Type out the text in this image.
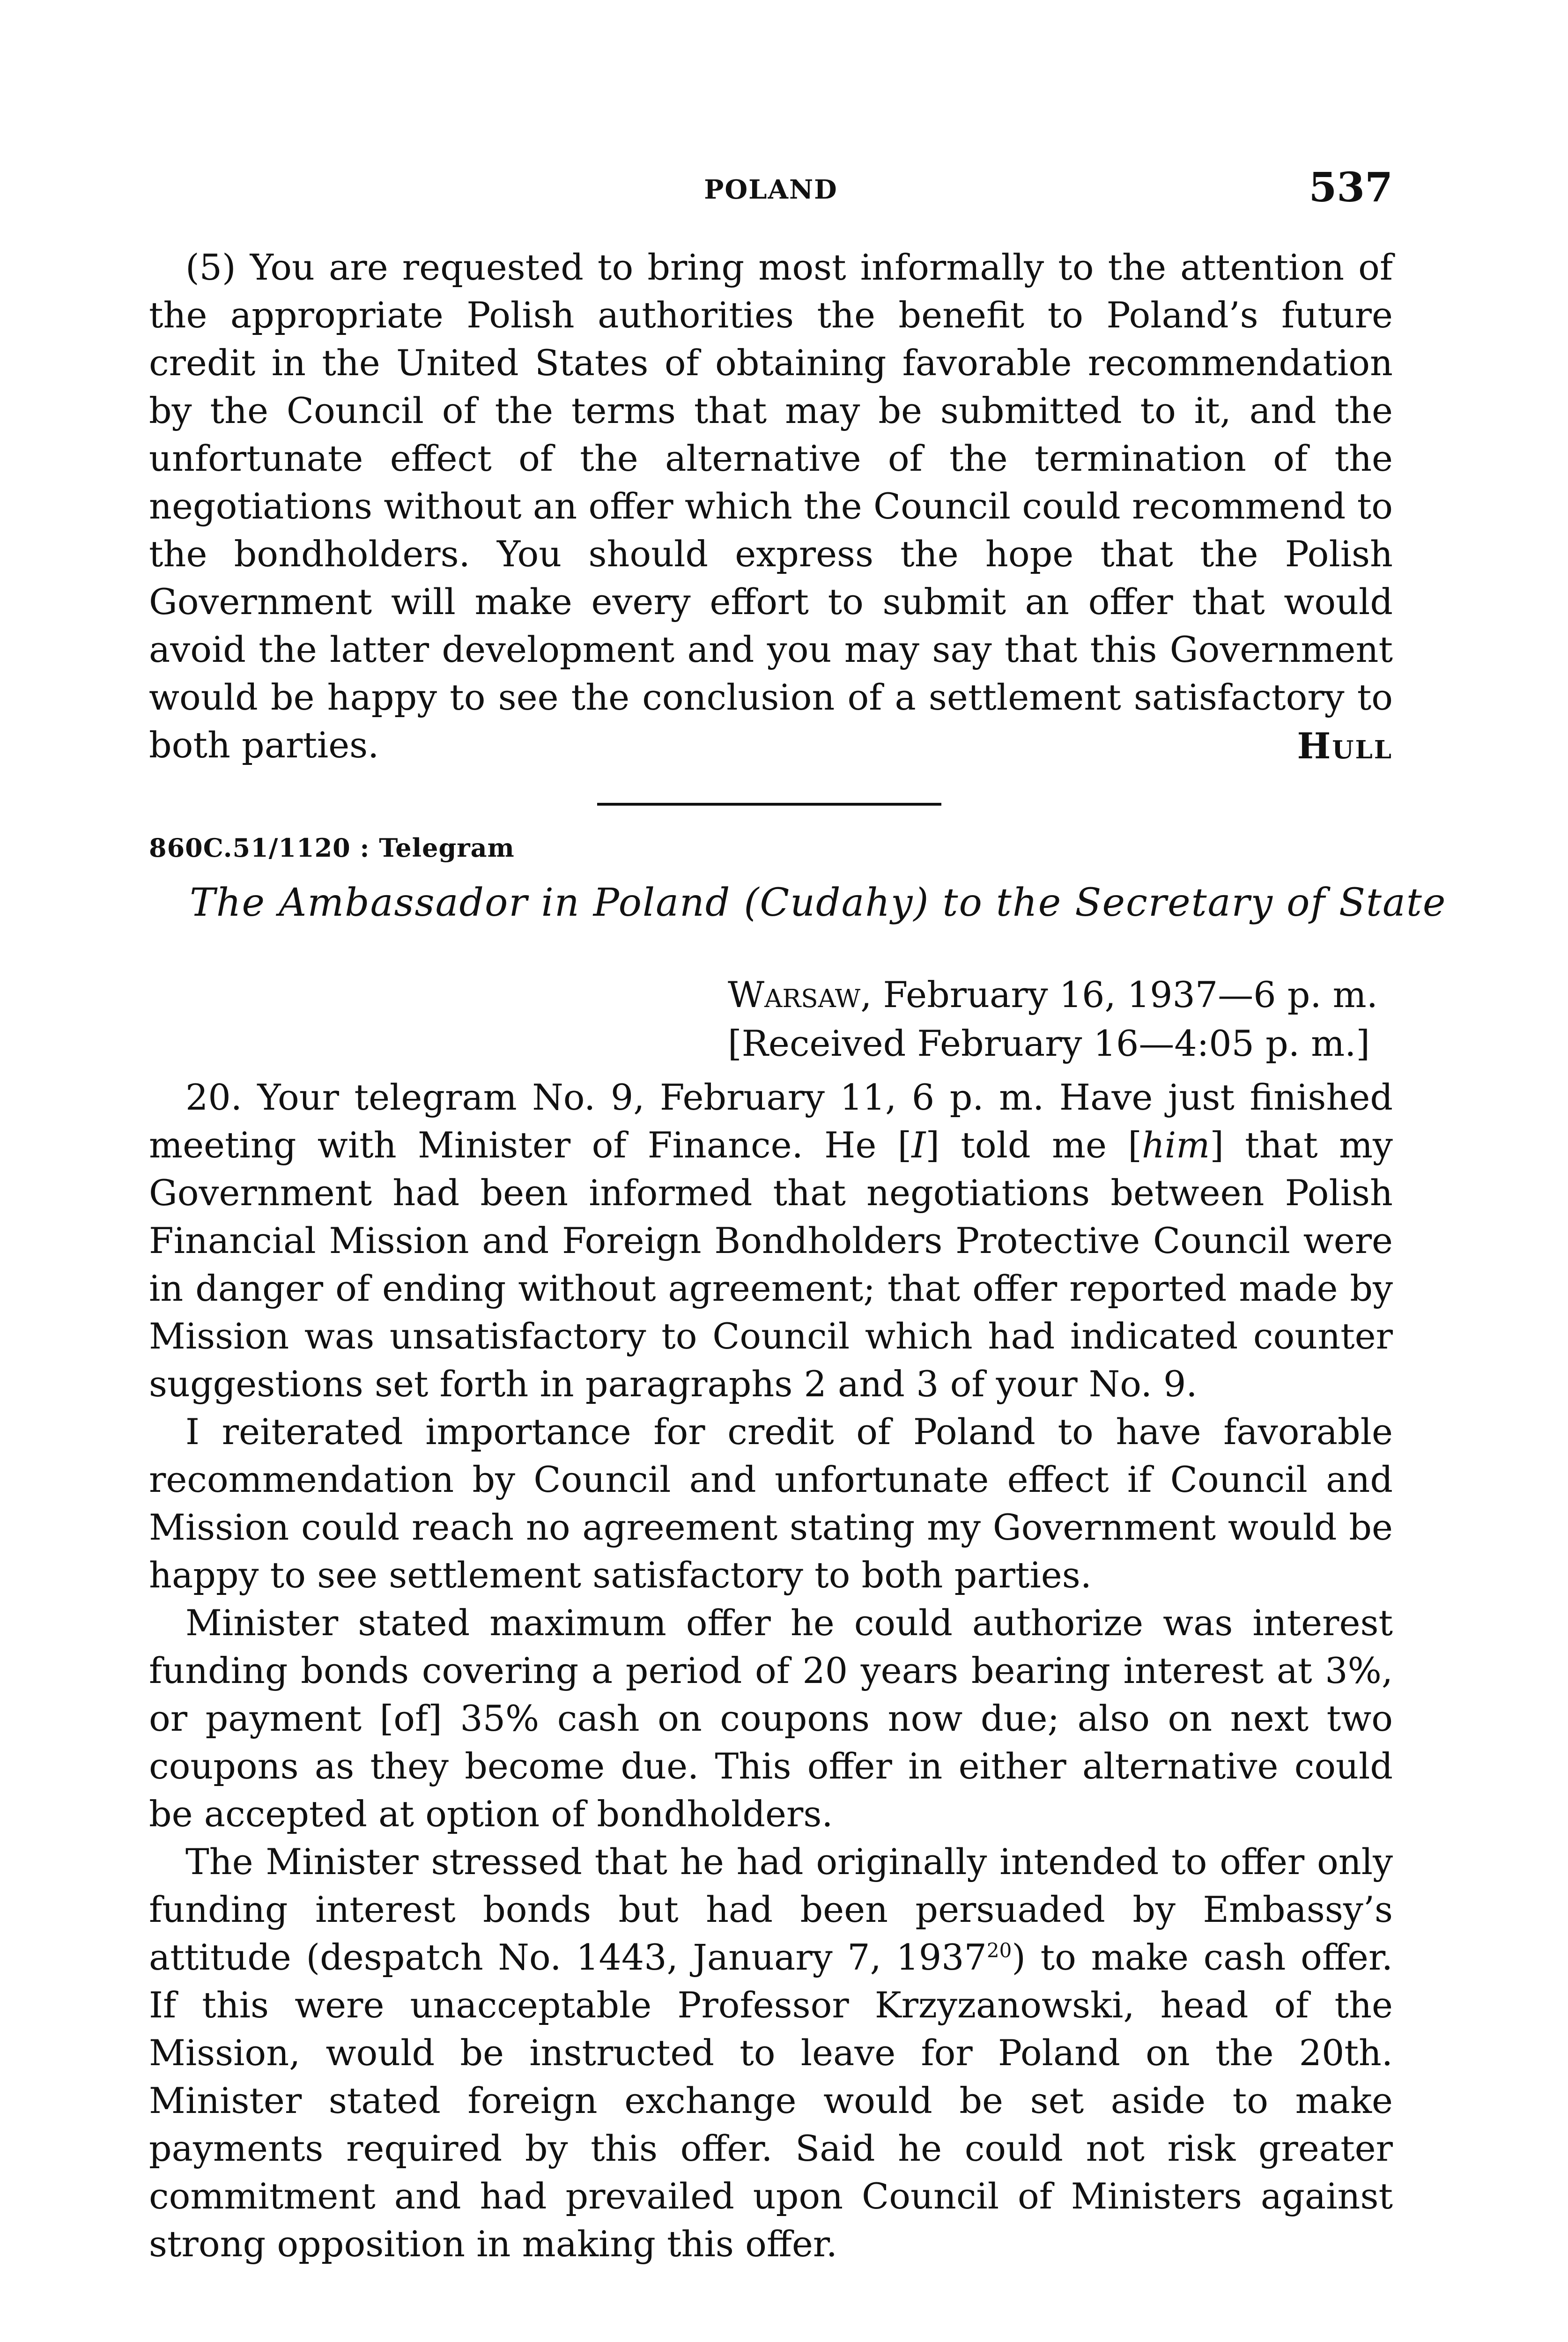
POLAND	537

(5) You are requested to bring most informally to the attention of the appropriate Polish authorities the benefit to Poland’s future credit in the United States of obtaining favorable recommendation by the Council of the terms that may be submitted to it, and the unfortunate effect of the alternative of the termination of the negotiations without an offer which the Council could recommend to the bondholders. You should express the hope that the Polish Government will make every effort to submit an offer that would avoid the latter development and you may say that this Government would be happy to see the conclusion of a settlement satisfactory to both parties.	Hull
860C.51/1120 : Telegram
The Ambassador in Poland (Cudahy) to the Secretary of State
Warsaw, February 16, 1937—6 p. m.
[Received February 16—4:05 p. m.]

20. Your telegram No. 9, February 11, 6 p. m. Have just finished meeting with Minister of Finance. He [I] told me [him] that my Government had been informed that negotiations between Polish Financial Mission and Foreign Bondholders Protective Council were in danger of ending without agreement; that offer reported made by Mission was unsatisfactory to Council which had indicated counter suggestions set forth in paragraphs 2 and 3 of your No. 9.

I reiterated importance for credit of Poland to have favorable recommendation by Council and unfortunate effect if Council and Mission could reach no agreement stating my Government would be happy to see settlement satisfactory to both parties.

Minister stated maximum offer he could authorize was interest funding bonds covering a period of 20 years bearing interest at 3%, or payment [of] 35% cash on coupons now due; also on next two coupons as they become due. This offer in either alternative could be accepted at option of bondholders.

The Minister stressed that he had originally intended to offer only funding interest bonds but had been persuaded by Embassy’s attitude (despatch No. 1443, January 7, 1937$^{20}$) to make cash offer. If this were unacceptable Professor Krzyzanowski, head of the Mission, would be instructed to leave for Poland on the 20th. Minister stated foreign exchange would be set aside to make payments required by this offer. Said he could not risk greater commitment and had prevailed upon Council of Ministers against strong opposition in making this offer.
